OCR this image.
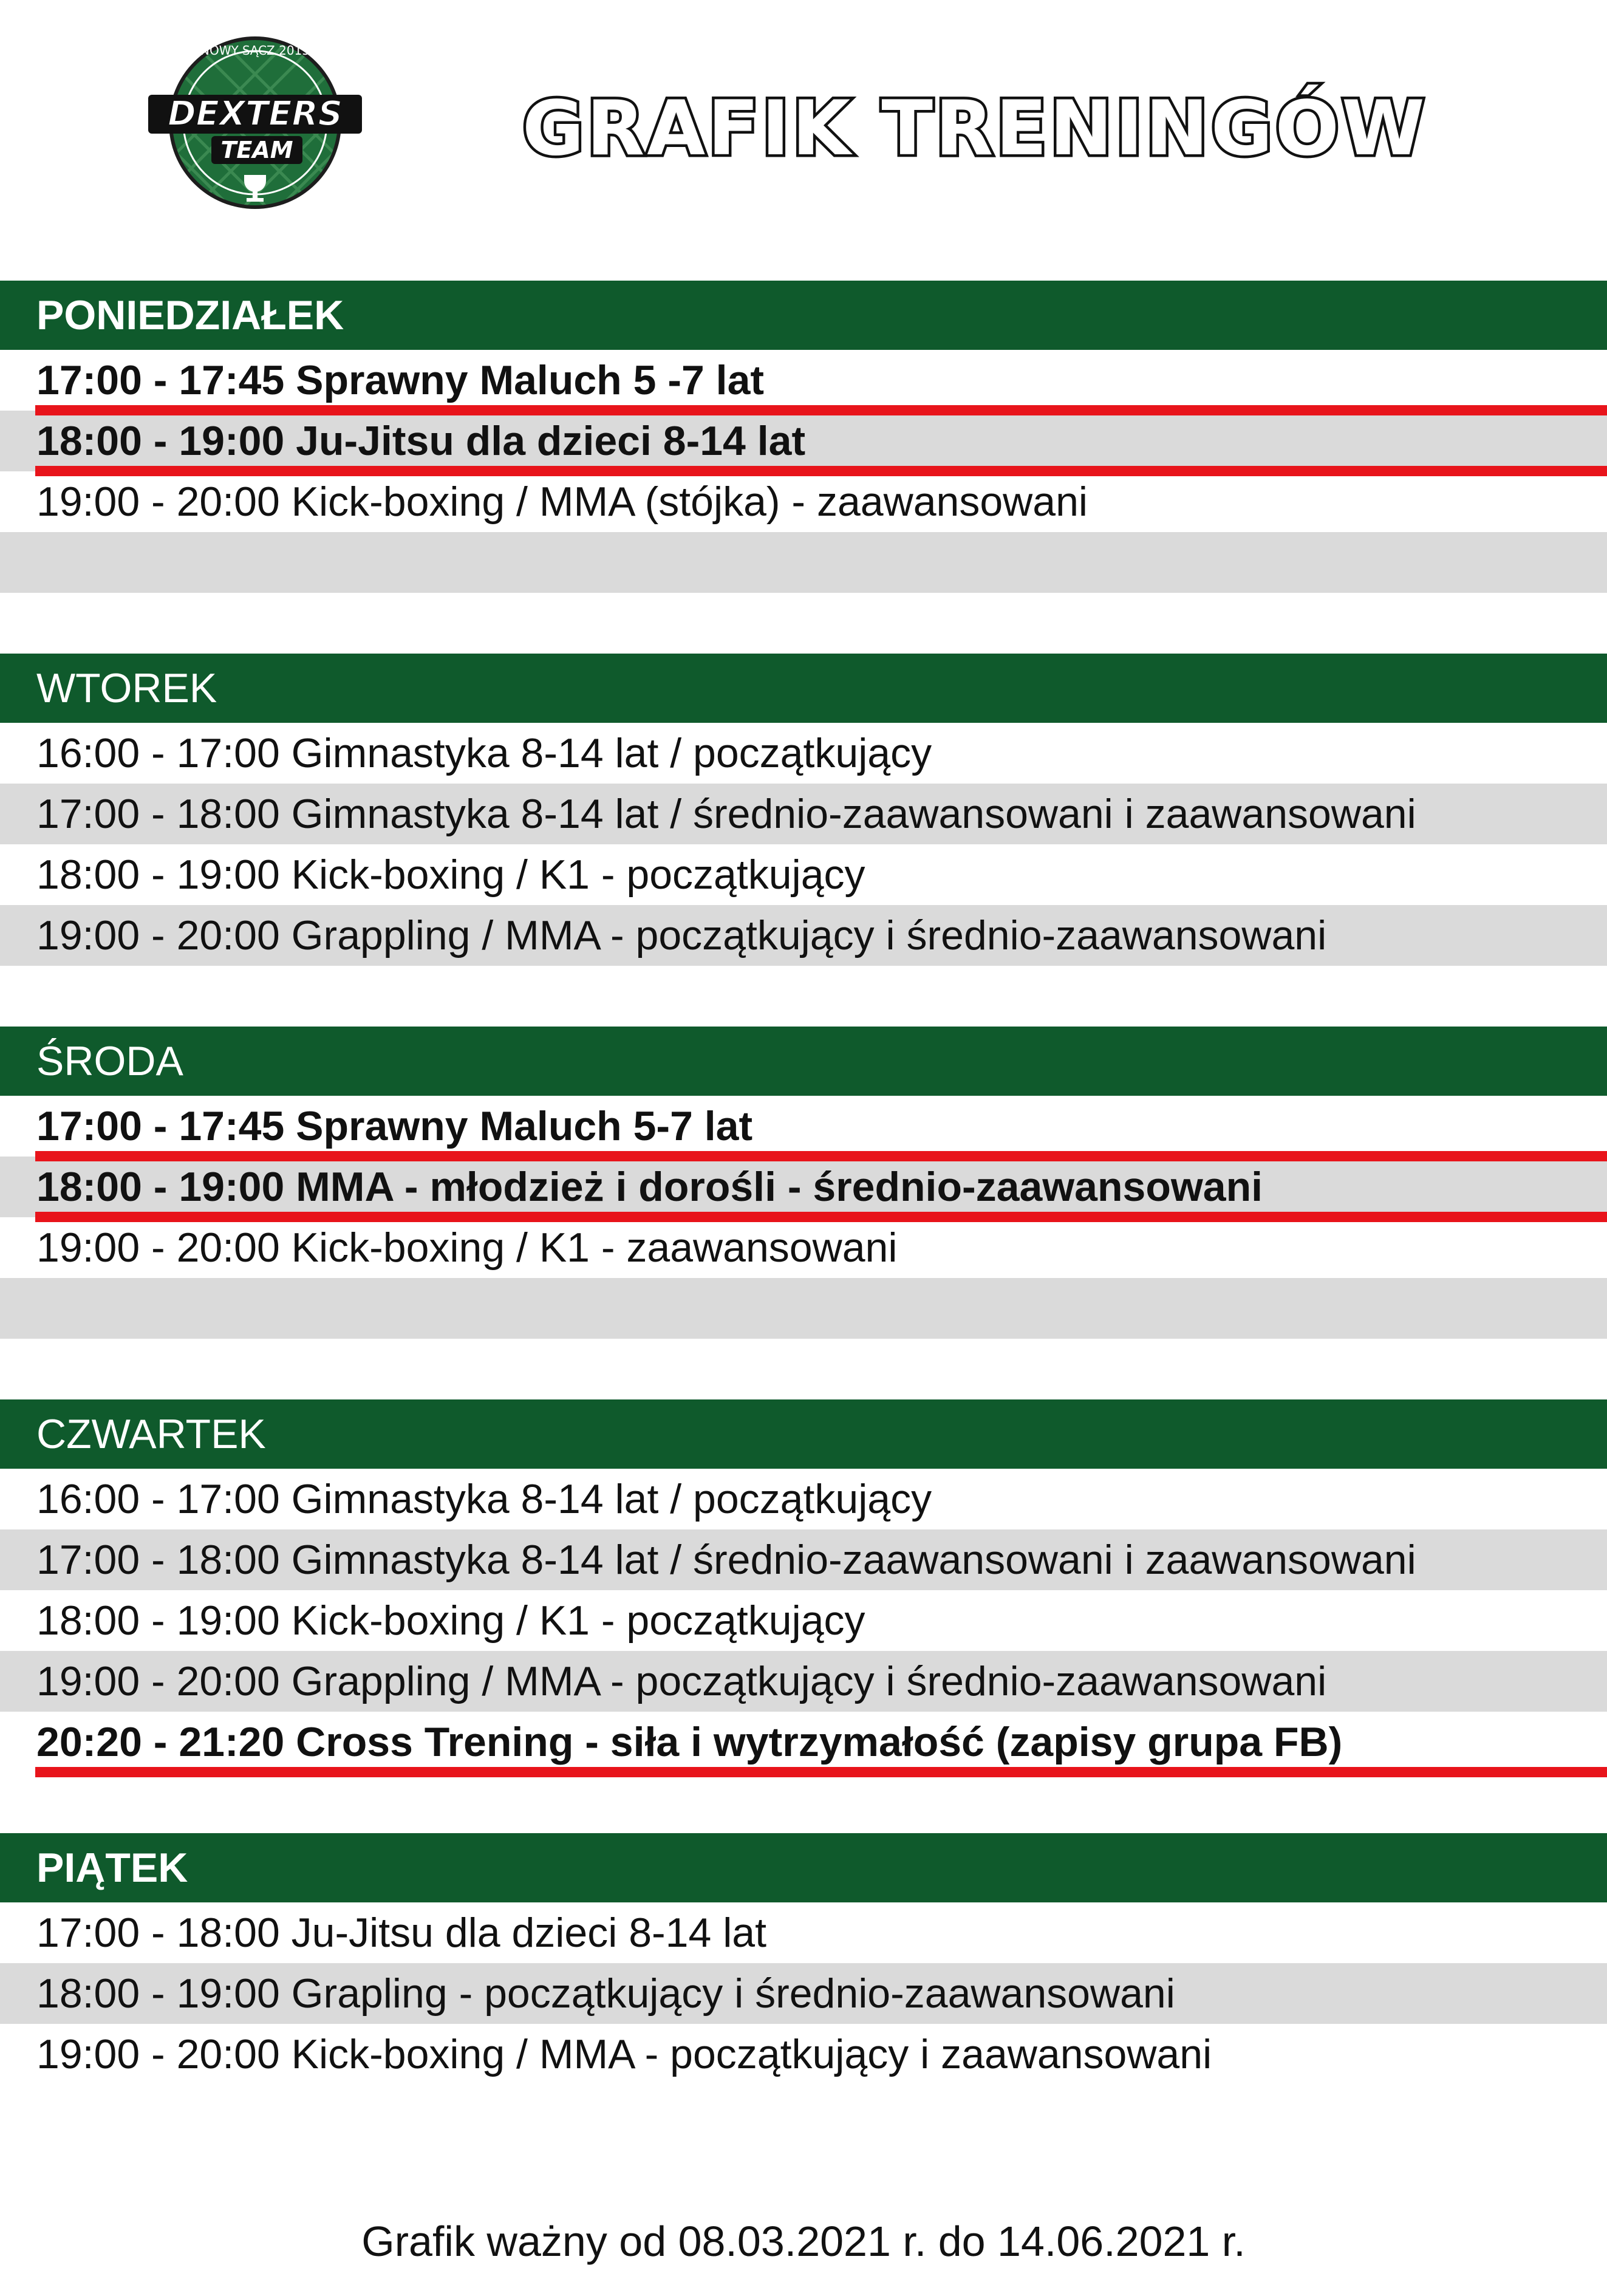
NOWY SĄCZ 2015
DEXTERS
TEAM	GRAFIK TRENINGÓW
PONIEDZIAŁEK
17:00 - 17:45 Sprawny Maluch 5 -7 lat
18:00 - 19:00 Ju-Jitsu dla dzieci 8-14 lat
19:00 - 20:00 Kick-boxing / MMA (stójka) - zaawansowani
WTOREK
16:00 - 17:00 Gimnastyka 8-14 lat / początkujący
17:00 - 18:00 Gimnastyka 8-14 lat / średnio-zaawansowani i zaawansowani
18:00 - 19:00 Kick-boxing / K1 - początkujący
19:00 - 20:00 Grappling / MMA - początkujący i średnio-zaawansowani
ŚRODA
17:00 - 17:45 Sprawny Maluch 5-7 lat
18:00 - 19:00 MMA - młodzież i dorośli - średnio-zaawansowani
19:00 - 20:00 Kick-boxing / K1 - zaawansowani
CZWARTEK
16:00 - 17:00 Gimnastyka 8-14 lat / początkujący
17:00 - 18:00 Gimnastyka 8-14 lat / średnio-zaawansowani i zaawansowani
18:00 - 19:00 Kick-boxing / K1 - początkujący
19:00 - 20:00 Grappling / MMA - początkujący i średnio-zaawansowani
20:20 - 21:20 Cross Trening - siła i wytrzymałość (zapisy grupa FB)
PIĄTEK
17:00 - 18:00 Ju-Jitsu dla dzieci 8-14 lat
18:00 - 19:00 Grapling - początkujący i średnio-zaawansowani
19:00 - 20:00 Kick-boxing / MMA - początkujący i zaawansowani
Grafik ważny od 08.03.2021 r. do 14.06.2021 r.
